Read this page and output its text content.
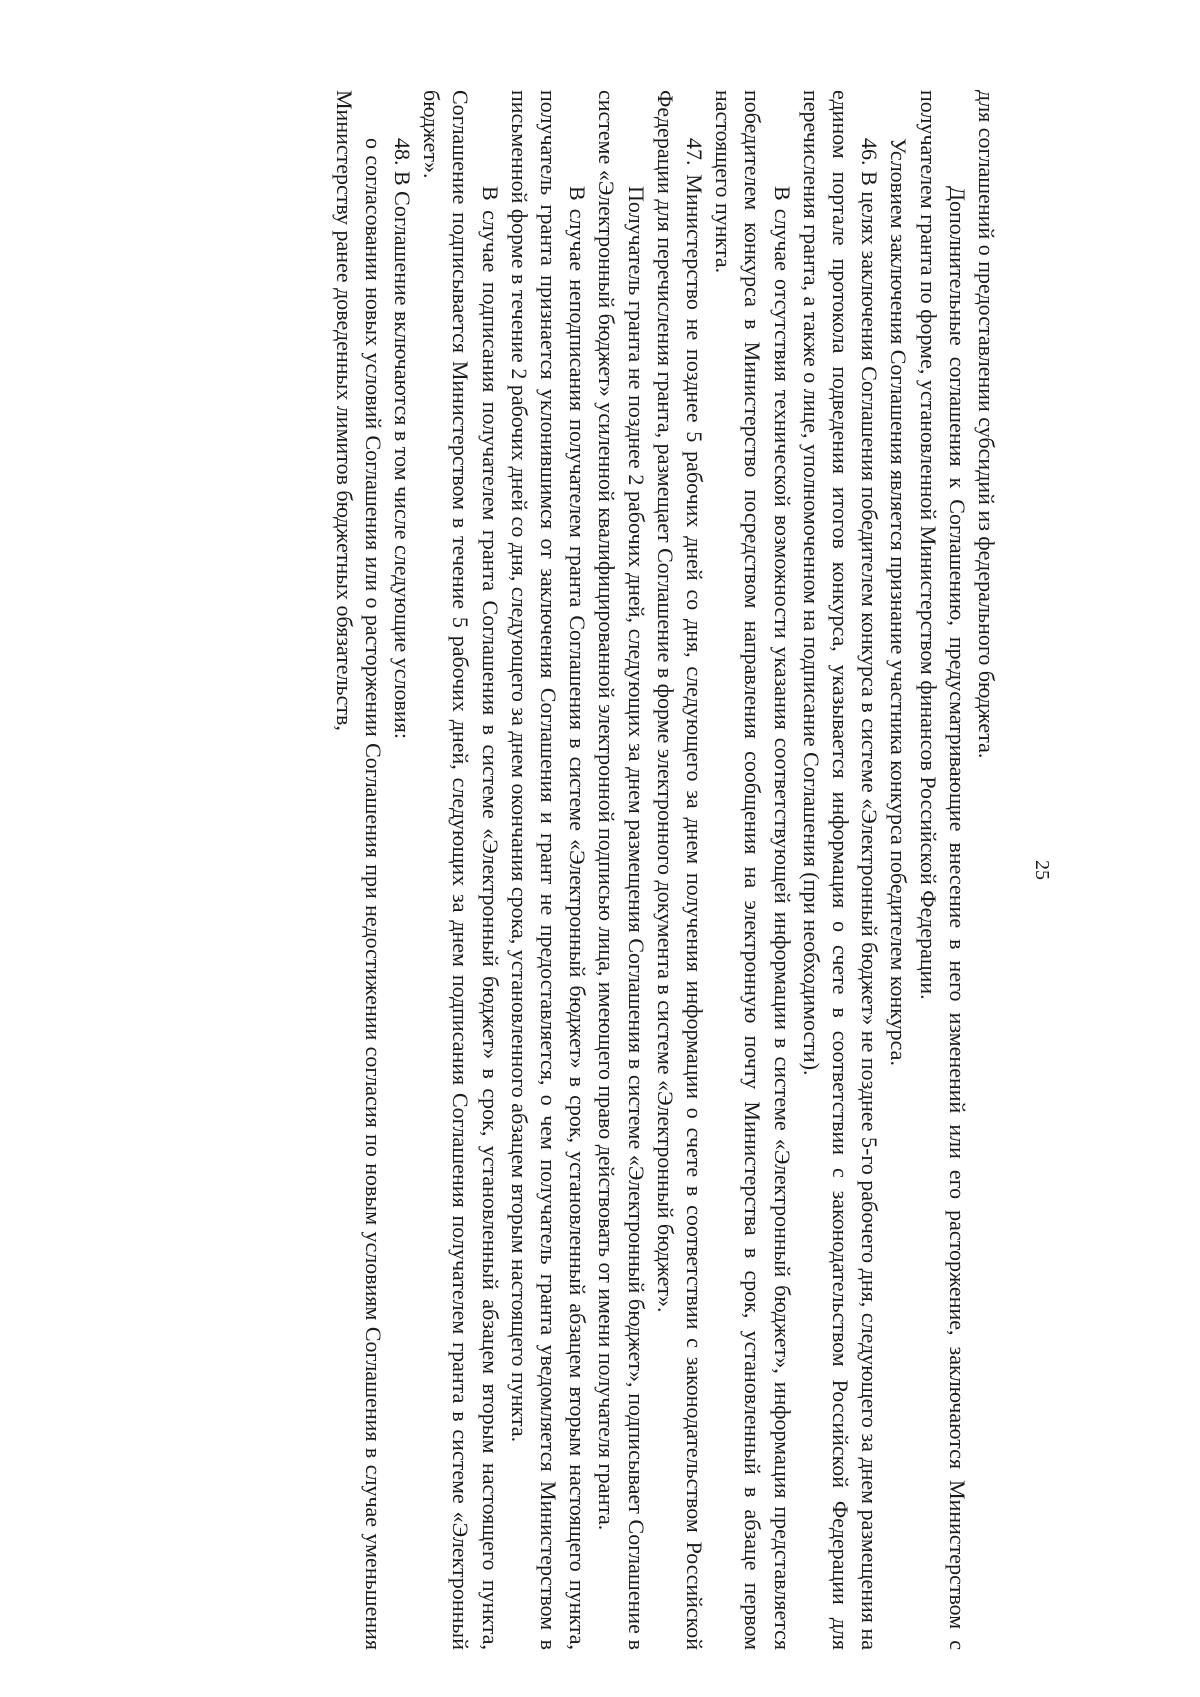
25

для соглашений о предоставлении субсидий из федерального бюджета.

Дополнительные соглашения к Соглашению, предусматривающие внесение в него изменений или его расторжение, заключаются Министерством с получателем гранта по форме, установленной Министерством финансов Российской Федерации.

Условием заключения Соглашения является признание участника конкурса победителем конкурса.

46. В целях заключения Соглашения победителем конкурса в системе «Электронный бюджет» не позднее 5-го рабочего дня, следующего за днем размещения на едином портале протокола подведения итогов конкурса, указывается информация о счете в соответствии с законодательством Российской Федерации для перечисления гранта, а также о лице, уполномоченном на подписание Соглашения (при необходимости).

В случае отсутствия технической возможности указания соответствующей информации в системе «Электронный бюджет», информация представляется победителем конкурса в Министерство посредством направления сообщения на электронную почту Министерства в срок, установленный в абзаце первом настоящего пункта.

47. Министерство не позднее 5 рабочих дней со дня, следующего за днем получения информации о счете в соответствии с законодательством Российской Федерации для перечисления гранта, размещает Соглашение в форме электронного документа в системе «Электронный бюджет».

Получатель гранта не позднее 2 рабочих дней, следующих за днем размещения Соглашения в системе «Электронный бюджет», подписывает Соглашение в системе «Электронный бюджет» усиленной квалифицированной электронной подписью лица, имеющего право действовать от имени получателя гранта.

В случае неподписания получателем гранта Соглашения в системе «Электронный бюджет» в срок, установленный абзацем вторым настоящего пункта, получатель гранта признается уклонившимся от заключения Соглашения и грант не предоставляется, о чем получатель гранта уведомляется Министерством в письменной форме в течение 2 рабочих дней со дня, следующего за днем окончания срока, установленного абзацем вторым настоящего пункта.

В случае подписания получателем гранта Соглашения в системе «Электронный бюджет» в срок, установленный абзацем вторым настоящего пункта, Соглашение подписывается Министерством в течение 5 рабочих дней, следующих за днем подписания Соглашения получателем гранта в системе «Электронный бюджет».

48. В Соглашение включаются в том числе следующие условия:

о согласовании новых условий Соглашения или о расторжении Соглашения при недостижении согласия по новым условиям Соглашения в случае уменьшения Министерству ранее доведенных лимитов бюджетных обязательств,
